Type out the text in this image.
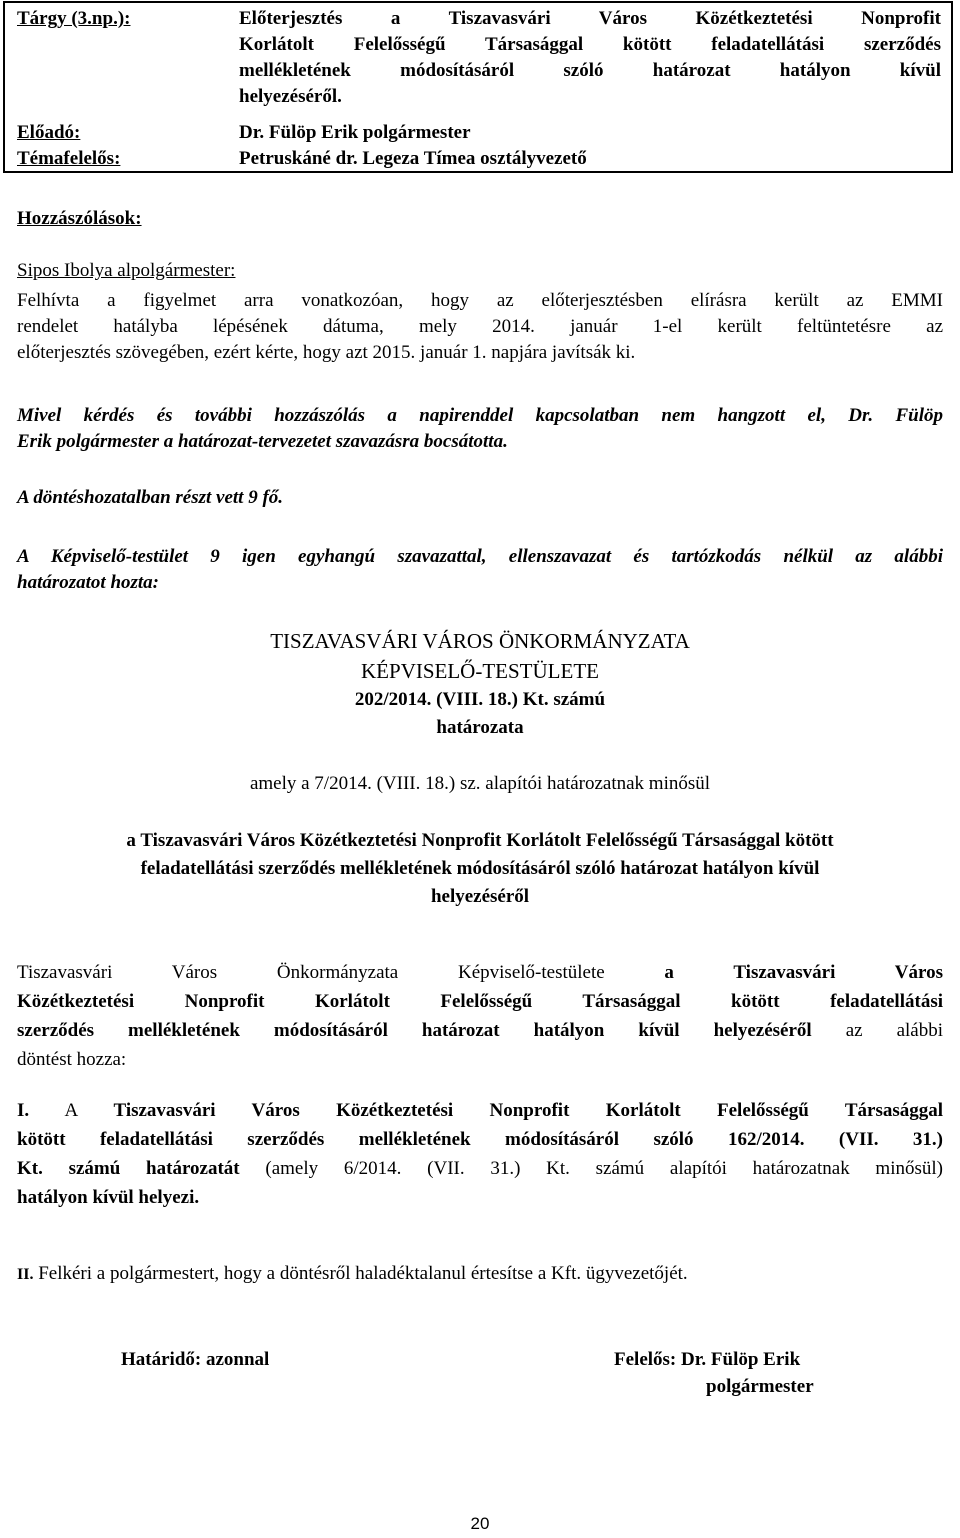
Tárgy (3.np.):	Előterjesztés a Tiszavasvári Város Közétkeztetési Nonprofit
Korlátolt Felelősségű Társasággal kötött feladatellátási szerződés
mellékletének módosításáról szóló határozat hatályon kívül
helyezéséről.
Előadó:	Dr. Fülöp Erik polgármester
Témafelelős:	Petruskáné dr. Legeza Tímea osztályvezető
Hozzászólások:
Sipos Ibolya alpolgármester:
Felhívta a figyelmet arra vonatkozóan, hogy az előterjesztésben elírásra került az EMMI
rendelet hatályba lépésének dátuma, mely 2014. január 1-el került feltüntetésre az
előterjesztés szövegében, ezért kérte, hogy azt 2015. január 1. napjára javítsák ki.
Mivel kérdés és további hozzászólás a napirenddel kapcsolatban nem hangzott el, Dr. Fülöp
Erik polgármester a határozat-tervezetet szavazásra bocsátotta.
A döntéshozatalban részt vett 9 fő.
A Képviselő-testület 9 igen egyhangú szavazattal, ellenszavazat és tartózkodás nélkül az alábbi
határozatot hozta:
TISZAVASVÁRI VÁROS ÖNKORMÁNYZATA
KÉPVISELŐ-TESTÜLETE
202/2014. (VIII. 18.) Kt. számú
határozata
amely a 7/2014. (VIII. 18.) sz. alapítói határozatnak minősül
a Tiszavasvári Város Közétkeztetési Nonprofit Korlátolt Felelősségű Társasággal kötött
feladatellátási szerződés mellékletének módosításáról szóló határozat hatályon kívül
helyezéséről
Tiszavasvári Város Önkormányzata Képviselő-testülete a Tiszavasvári Város
Közétkeztetési Nonprofit Korlátolt Felelősségű Társasággal kötött feladatellátási
szerződés mellékletének módosításáról határozat hatályon kívül helyezéséről az alábbi
döntést hozza:
I. A Tiszavasvári Város Közétkeztetési Nonprofit Korlátolt Felelősségű Társasággal
kötött feladatellátási szerződés mellékletének módosításáról szóló 162/2014. (VII. 31.)
Kt. számú határozatát (amely 6/2014. (VII. 31.) Kt. számú alapítói határozatnak minősül)
hatályon kívül helyezi.
II. Felkéri a polgármestert, hogy a döntésről haladéktalanul értesítse a Kft. ügyvezetőjét.
Határidő: azonnal	Felelős: Dr. Fülöp Erik
polgármester
20
